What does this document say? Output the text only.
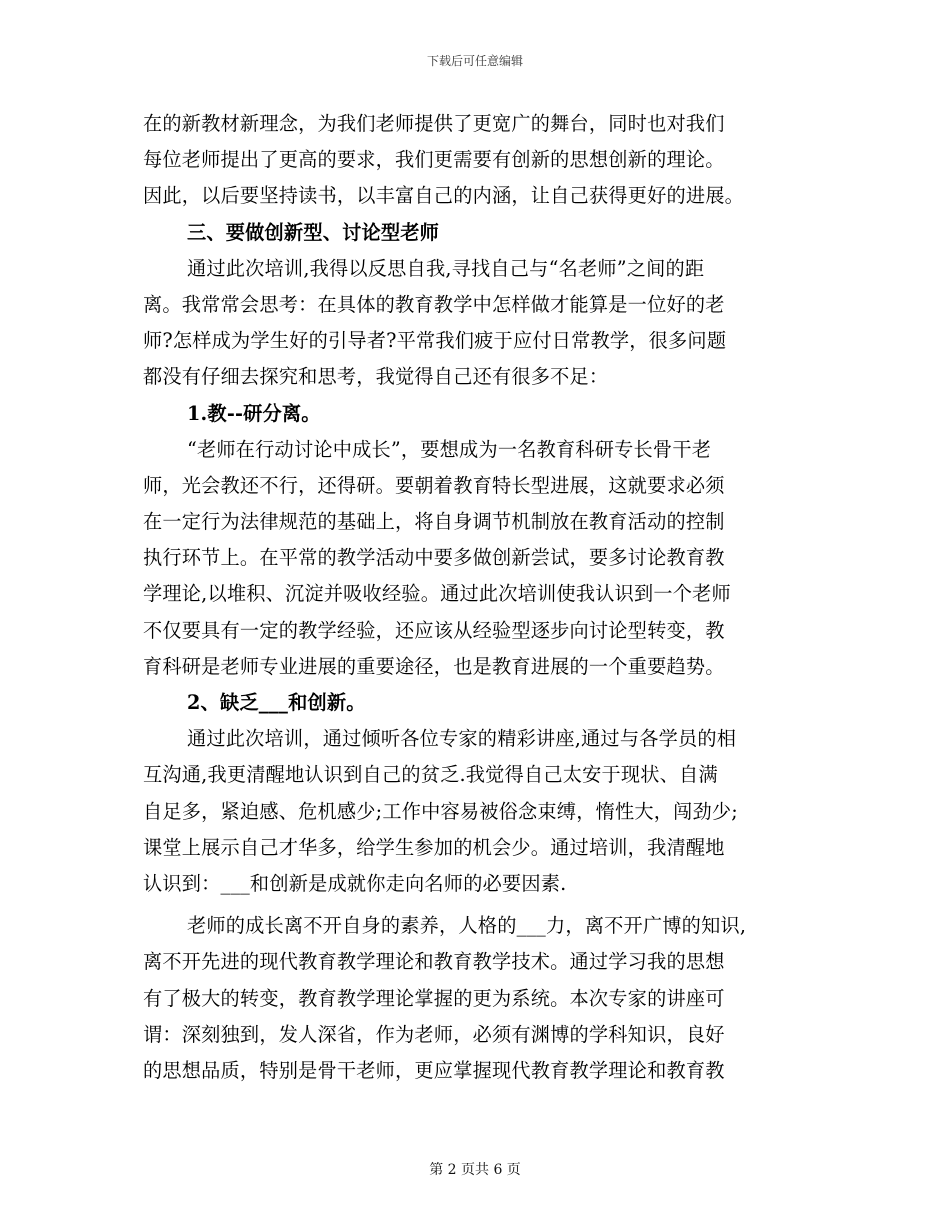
下载后可任意编辑
在的新教材新理念，为我们老师提供了更宽广的舞台，同时也对我们
每位老师提出了更高的要求，我们更需要有创新的思想创新的理论。
因此，以后要坚持读书，以丰富自己的内涵，让自己获得更好的进展。
三、要做创新型、讨论型老师
通过此次培训,我得以反思自我,寻找自己与“名老师”之间的距
离。我常常会思考：在具体的教育教学中怎样做才能算是一位好的老
师?怎样成为学生好的引导者?平常我们疲于应付日常教学，很多问题
都没有仔细去探究和思考，我觉得自己还有很多不足：
1.教--研分离。
“老师在行动讨论中成长”，要想成为一名教育科研专长骨干老
师，光会教还不行，还得研。要朝着教育特长型进展，这就要求必须
在一定行为法律规范的基础上，将自身调节机制放在教育活动的控制
执行环节上。在平常的教学活动中要多做创新尝试，要多讨论教育教
学理论,以堆积、沉淀并吸收经验。通过此次培训使我认识到一个老师
不仅要具有一定的教学经验，还应该从经验型逐步向讨论型转变，教
育科研是老师专业进展的重要途径，也是教育进展的一个重要趋势。
2、缺乏___和创新。
通过此次培训，通过倾听各位专家的精彩讲座,通过与各学员的相
互沟通,我更清醒地认识到自己的贫乏.我觉得自己太安于现状、自满
自足多，紧迫感、危机感少;工作中容易被俗念束缚，惰性大，闯劲少;
课堂上展示自己才华多，给学生参加的机会少。通过培训，我清醒地
认识到：___和创新是成就你走向名师的必要因素.
老师的成长离不开自身的素养，人格的___力，离不开广博的知识,
离不开先进的现代教育教学理论和教育教学技术。通过学习我的思想
有了极大的转变，教育教学理论掌握的更为系统。本次专家的讲座可
谓：深刻独到，发人深省，作为老师，必须有渊博的学科知识，良好
的思想品质，特别是骨干老师，更应掌握现代教育教学理论和教育教
第 2 页共 6 页
